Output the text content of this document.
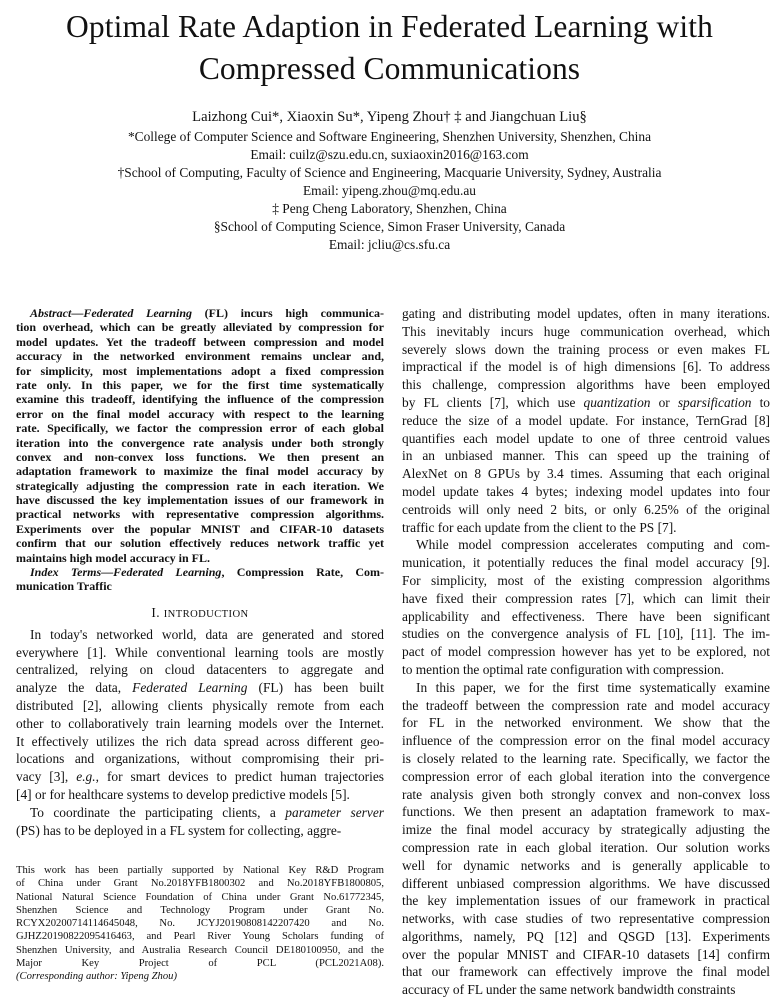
Optimal Rate Adaption in Federated Learning with
Compressed Communications
Laizhong Cui*, Xiaoxin Su*, Yipeng Zhou† ‡ and Jiangchuan Liu§
*College of Computer Science and Software Engineering, Shenzhen University, Shenzhen, China
Email: cuilz@szu.edu.cn, suxiaoxin2016@163.com
†School of Computing, Faculty of Science and Engineering, Macquarie University, Sydney, Australia
Email: yipeng.zhou@mq.edu.au
‡ Peng Cheng Laboratory, Shenzhen, China
§School of Computing Science, Simon Fraser University, Canada
Email: jcliu@cs.sfu.ca
Abstract—Federated Learning (FL) incurs high communica-
tion overhead, which can be greatly alleviated by compression for
model updates. Yet the tradeoff between compression and model
accuracy in the networked environment remains unclear and,
for simplicity, most implementations adopt a fixed compression
rate only. In this paper, we for the first time systematically
examine this tradeoff, identifying the influence of the compression
error on the final model accuracy with respect to the learning
rate. Specifically, we factor the compression error of each global
iteration into the convergence rate analysis under both strongly
convex and non-convex loss functions. We then present an
adaptation framework to maximize the final model accuracy by
strategically adjusting the compression rate in each iteration. We
have discussed the key implementation issues of our framework in
practical networks with representative compression algorithms.
Experiments over the popular MNIST and CIFAR-10 datasets
confirm that our solution effectively reduces network traffic yet
maintains high model accuracy in FL.
Index Terms—Federated Learning, Compression Rate, Com-
munication Traffic
I. INTRODUCTION
In today's networked world, data are generated and stored
everywhere [1]. While conventional learning tools are mostly
centralized, relying on cloud datacenters to aggregate and
analyze the data, Federated Learning (FL) has been built
distributed [2], allowing clients physically remote from each
other to collaboratively train learning models over the Internet.
It effectively utilizes the rich data spread across different geo-
locations and organizations, without compromising their pri-
vacy [3], e.g., for smart devices to predict human trajectories
[4] or for healthcare systems to develop predictive models [5].
To coordinate the participating clients, a parameter server
(PS) has to be deployed in a FL system for collecting, aggre-
This work has been partially supported by National Key R&D Program
of China under Grant No.2018YFB1800302 and No.2018YFB1800805,
National Natural Science Foundation of China under Grant No.61772345,
Shenzhen Science and Technology Program under Grant No.
RCYX20200714114645048, No. JCYJ20190808142207420 and No.
GJHZ20190822095416463, and Pearl River Young Scholars funding of
Shenzhen University, and Australia Research Council DE180100950, and the
Major Key Project of PCL (PCL2021A08).
(Corresponding author: Yipeng Zhou)
gating and distributing model updates, often in many iterations.
This inevitably incurs huge communication overhead, which
severely slows down the training process or even makes FL
impractical if the model is of high dimensions [6]. To address
this challenge, compression algorithms have been employed
by FL clients [7], which use quantization or sparsification to
reduce the size of a model update. For instance, TernGrad [8]
quantifies each model update to one of three centroid values
in an unbiased manner. This can speed up the training of
AlexNet on 8 GPUs by 3.4 times. Assuming that each original
model update takes 4 bytes; indexing model updates into four
centroids will only need 2 bits, or only 6.25% of the original
traffic for each update from the client to the PS [7].
While model compression accelerates computing and com-
munication, it potentially reduces the final model accuracy [9].
For simplicity, most of the existing compression algorithms
have fixed their compression rates [7], which can limit their
applicability and effectiveness. There have been significant
studies on the convergence analysis of FL [10], [11]. The im-
pact of model compression however has yet to be explored, not
to mention the optimal rate configuration with compression.
In this paper, we for the first time systematically examine
the tradeoff between the compression rate and model accuracy
for FL in the networked environment. We show that the
influence of the compression error on the final model accuracy
is closely related to the learning rate. Specifically, we factor the
compression error of each global iteration into the convergence
rate analysis given both strongly convex and non-convex loss
functions. We then present an adaptation framework to max-
imize the final model accuracy by strategically adjusting the
compression rate in each global iteration. Our solution works
well for dynamic networks and is generally applicable to
different unbiased compression algorithms. We have discussed
the key implementation issues of our framework in practical
networks, with case studies of two representative compression
algorithms, namely, PQ [12] and QSGD [13]. Experiments
over the popular MNIST and CIFAR-10 datasets [14] confirm
that our framework can effectively improve the final model
accuracy of FL under the same network bandwidth constraints
